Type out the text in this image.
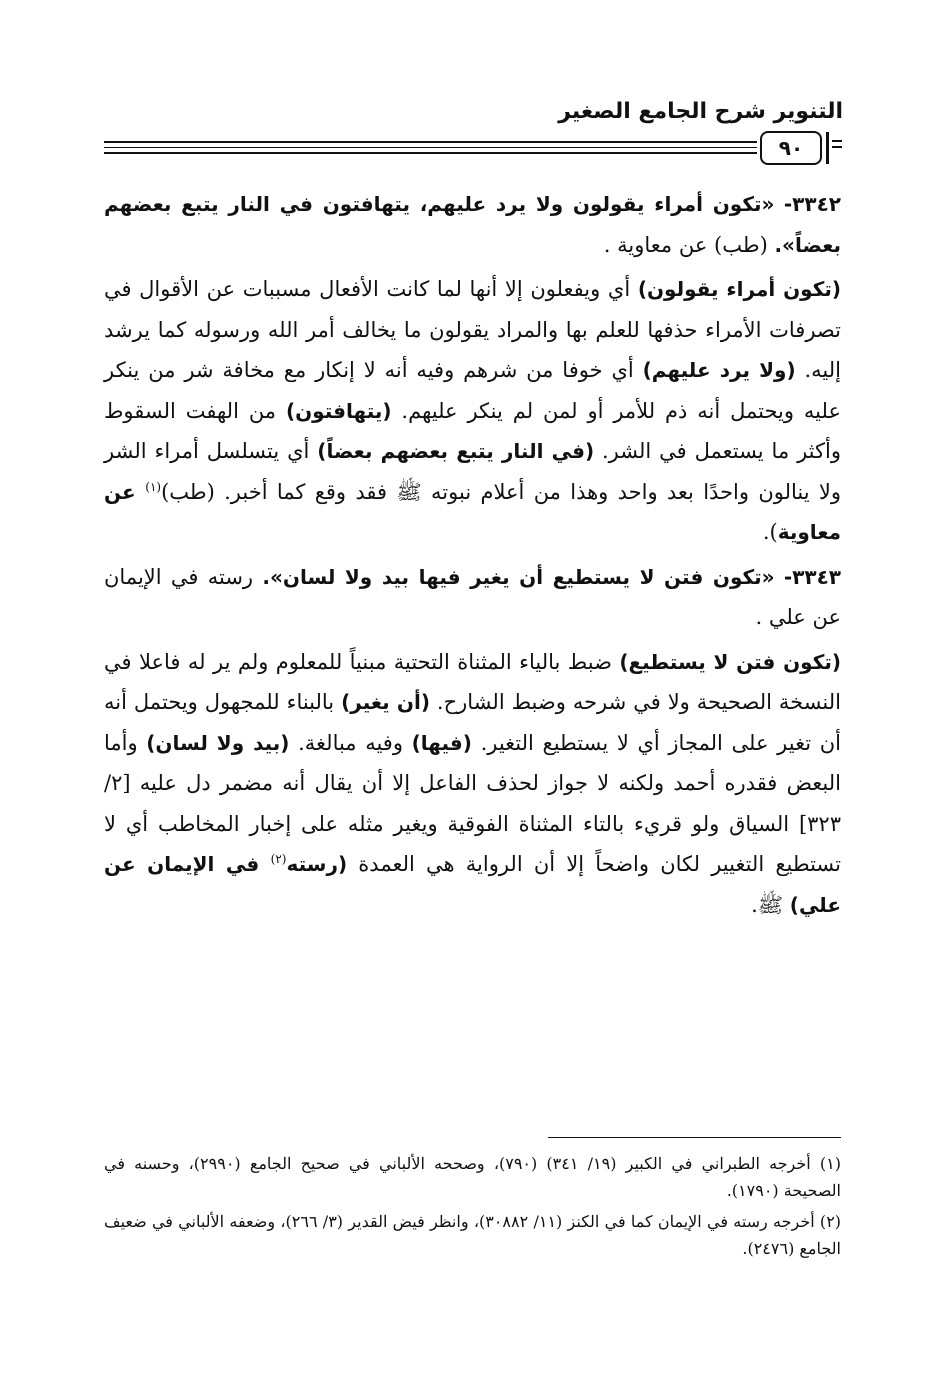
التنوير شرح الجامع الصغير
٩٠

٣٣٤٢- «تكون أمراء يقولون ولا يرد عليهم، يتهافتون في النار يتبع بعضهم بعضاً». (طب) عن معاوية .

(تكون أمراء يقولون) أي ويفعلون إلا أنها لما كانت الأفعال مسببات عن الأقوال في تصرفات الأمراء حذفها للعلم بها والمراد يقولون ما يخالف أمر الله ورسوله كما يرشد إليه. (ولا يرد عليهم) أي خوفا من شرهم وفيه أنه لا إنكار مع مخافة شر من ينكر عليه ويحتمل أنه ذم للأمر أو لمن لم ينكر عليهم. (يتهافتون) من الهفت السقوط وأكثر ما يستعمل في الشر. (في النار يتبع بعضهم بعضاً) أي يتسلسل أمراء الشر ولا ينالون واحدًا بعد واحد وهذا من أعلام نبوته ﷺ فقد وقع كما أخبر. (طب)$^{(١)}$ عن معاوية).

٣٣٤٣- «تكون فتن لا يستطيع أن يغير فيها بيد ولا لسان». رسته في الإيمان عن علي .

(تكون فتن لا يستطيع) ضبط بالياء المثناة التحتية مبنياً للمعلوم ولم ير له فاعلا في النسخة الصحيحة ولا في شرحه وضبط الشارح. (أن يغير) بالبناء للمجهول ويحتمل أنه أن تغير على المجاز أي لا يستطيع التغير. (فيها) وفيه مبالغة. (بيد ولا لسان) وأما البعض فقدره أحمد ولكنه لا جواز لحذف الفاعل إلا أن يقال أنه مضمر دل عليه [٢/ ٣٢٣] السياق ولو قريء بالتاء المثناة الفوقية ويغير مثله على إخبار المخاطب أي لا تستطيع التغيير لكان واضحاً إلا أن الرواية هي العمدة (رسته$^{(٢)}$ في الإيمان عن علي) ﷺ.

(١) أخرجه الطبراني في الكبير (١٩/ ٣٤١) (٧٩٠)، وصححه الألباني في صحيح الجامع (٢٩٩٠)، وحسنه في الصحيحة (١٧٩٠).

(٢) أخرجه رسته في الإيمان كما في الكنز (١١/ ٣٠٨٨٢)، وانظر فيض القدير (٣/ ٢٦٦)، وضعفه الألباني في ضعيف الجامع (٢٤٧٦).
